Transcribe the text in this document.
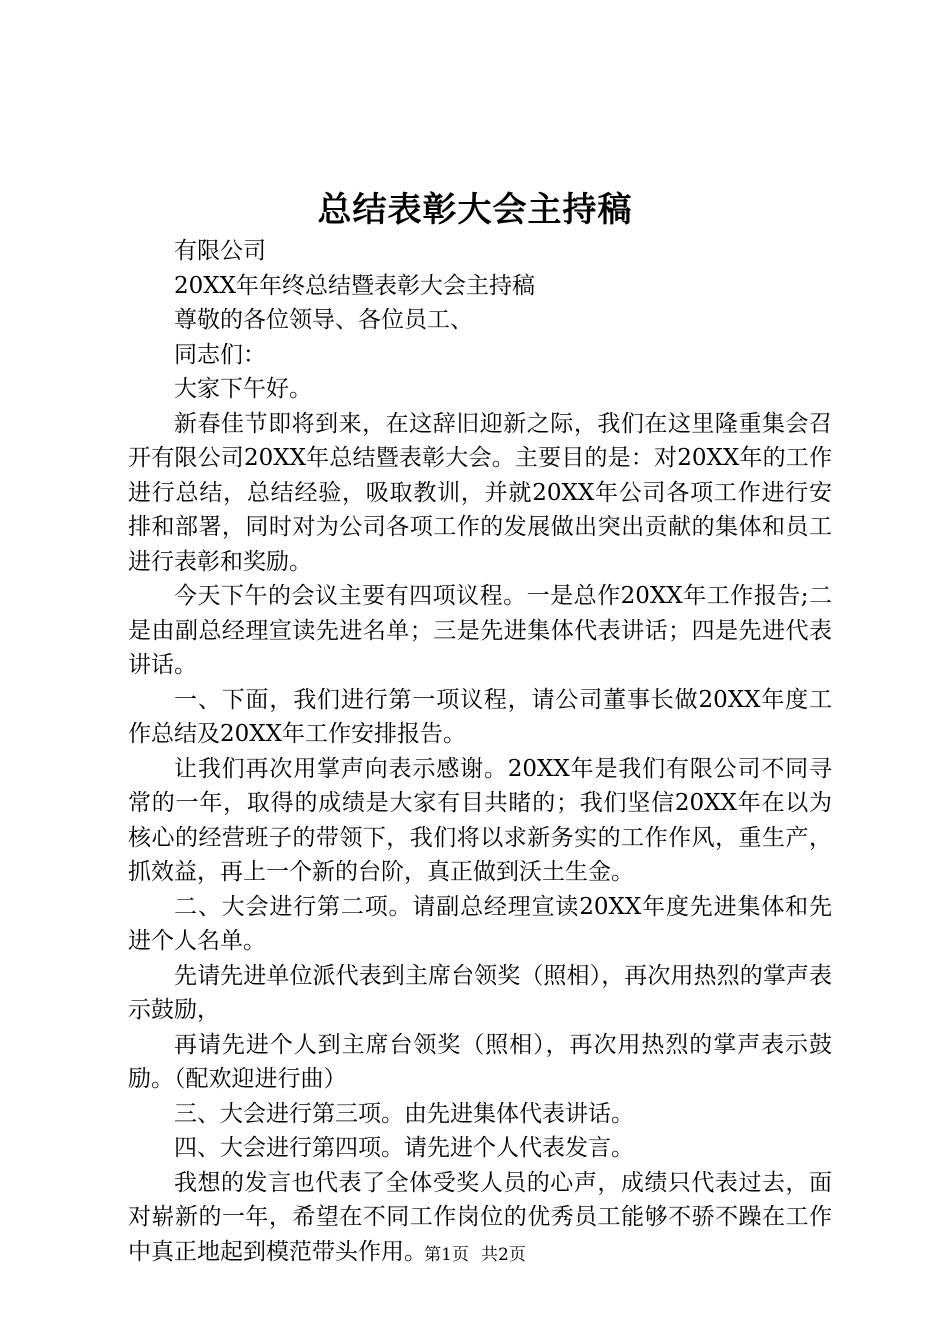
总结表彰大会主持稿

有限公司

20XX年年终总结暨表彰大会主持稿

尊敬的各位领导、各位员工、

同志们：

大家下午好。

新春佳节即将到来，在这辞旧迎新之际，我们在这里隆重集会召开有限公司20XX年总结暨表彰大会。主要目的是：对20XX年的工作进行总结，总结经验，吸取教训，并就20XX年公司各项工作进行安排和部署，同时对为公司各项工作的发展做出突出贡献的集体和员工进行表彰和奖励。

今天下午的会议主要有四项议程。一是总作20XX年工作报告;二是由副总经理宣读先进名单；三是先进集体代表讲话；四是先进代表讲话。

一、下面，我们进行第一项议程，请公司董事长做20XX年度工作总结及20XX年工作安排报告。

让我们再次用掌声向表示感谢。20XX年是我们有限公司不同寻常的一年，取得的成绩是大家有目共睹的；我们坚信20XX年在以为核心的经营班子的带领下，我们将以求新务实的工作作风，重生产，抓效益，再上一个新的台阶，真正做到沃土生金。

二、大会进行第二项。请副总经理宣读20XX年度先进集体和先进个人名单。

先请先进单位派代表到主席台领奖（照相），再次用热烈的掌声表示鼓励，

再请先进个人到主席台领奖（照相），再次用热烈的掌声表示鼓励。（配欢迎进行曲）

三、大会进行第三项。由先进集体代表讲话。

四、大会进行第四项。请先进个人代表发言。

我想的发言也代表了全体受奖人员的心声，成绩只代表过去，面对崭新的一年，希望在不同工作岗位的优秀员工能够不骄不躁在工作中真正地起到模范带头作用。

第1页 共2页
